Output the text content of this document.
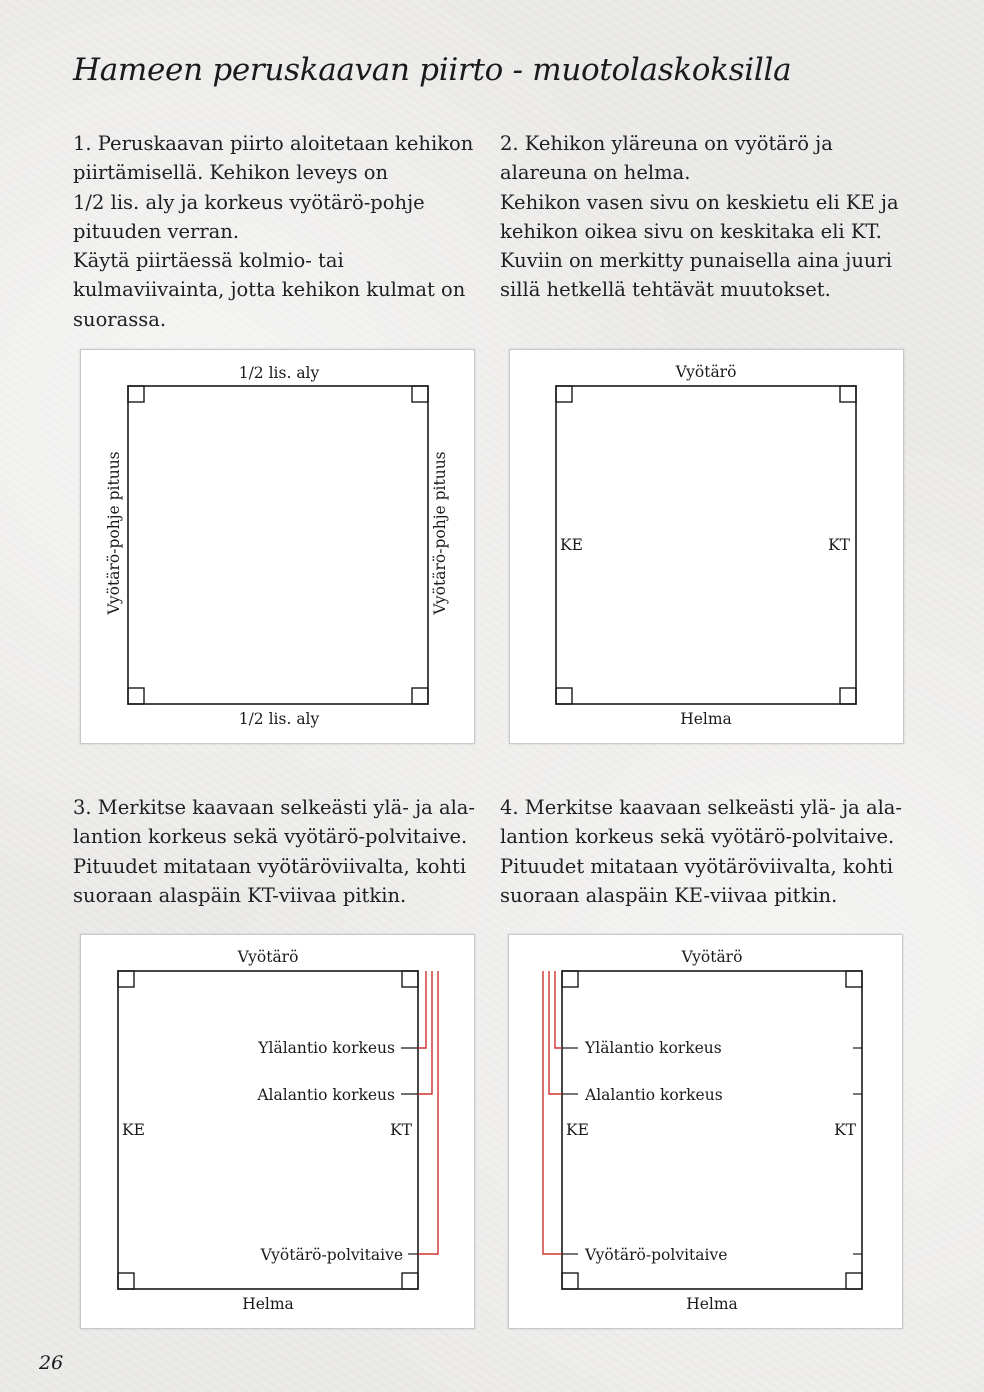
Hameen peruskaavan piirto - muotolaskoksilla
1. Peruskaavan piirto aloitetaan kehikon
piirtämisellä. Kehikon leveys on
1/2 lis. aly ja korkeus vyötärö-pohje
pituuden verran.
Käytä piirtäessä kolmio- tai
kulmaviivainta, jotta kehikon kulmat on
suorassa.
2. Kehikon yläreuna on vyötärö ja
alareuna on helma.
Kehikon vasen sivu on keskietu eli KE ja
kehikon oikea sivu on keskitaka eli KT.
Kuviin on merkitty punaisella aina juuri
sillä hetkellä tehtävät muutokset.
3. Merkitse kaavaan selkeästi ylä- ja ala-
lantion korkeus sekä vyötärö-polvitaive.
Pituudet mitataan vyötäröviivalta, kohti
suoraan alaspäin KT-viivaa pitkin.
4. Merkitse kaavaan selkeästi ylä- ja ala-
lantion korkeus sekä vyötärö-polvitaive.
Pituudet mitataan vyötäröviivalta, kohti
suoraan alaspäin KE-viivaa pitkin.
1/2 lis. aly
1/2 lis. aly
Vyötärö-pohje pituus	Vyötärö-pohje pituus
Vyötärö
Helma
KE	KT
Vyötärö
Helma
KE	KT
Ylälantio korkeus
Alalantio korkeus
Vyötärö-polvitaive
Vyötärö
Helma
KE	KT
Ylälantio korkeus
Alalantio korkeus
Vyötärö-polvitaive
26
